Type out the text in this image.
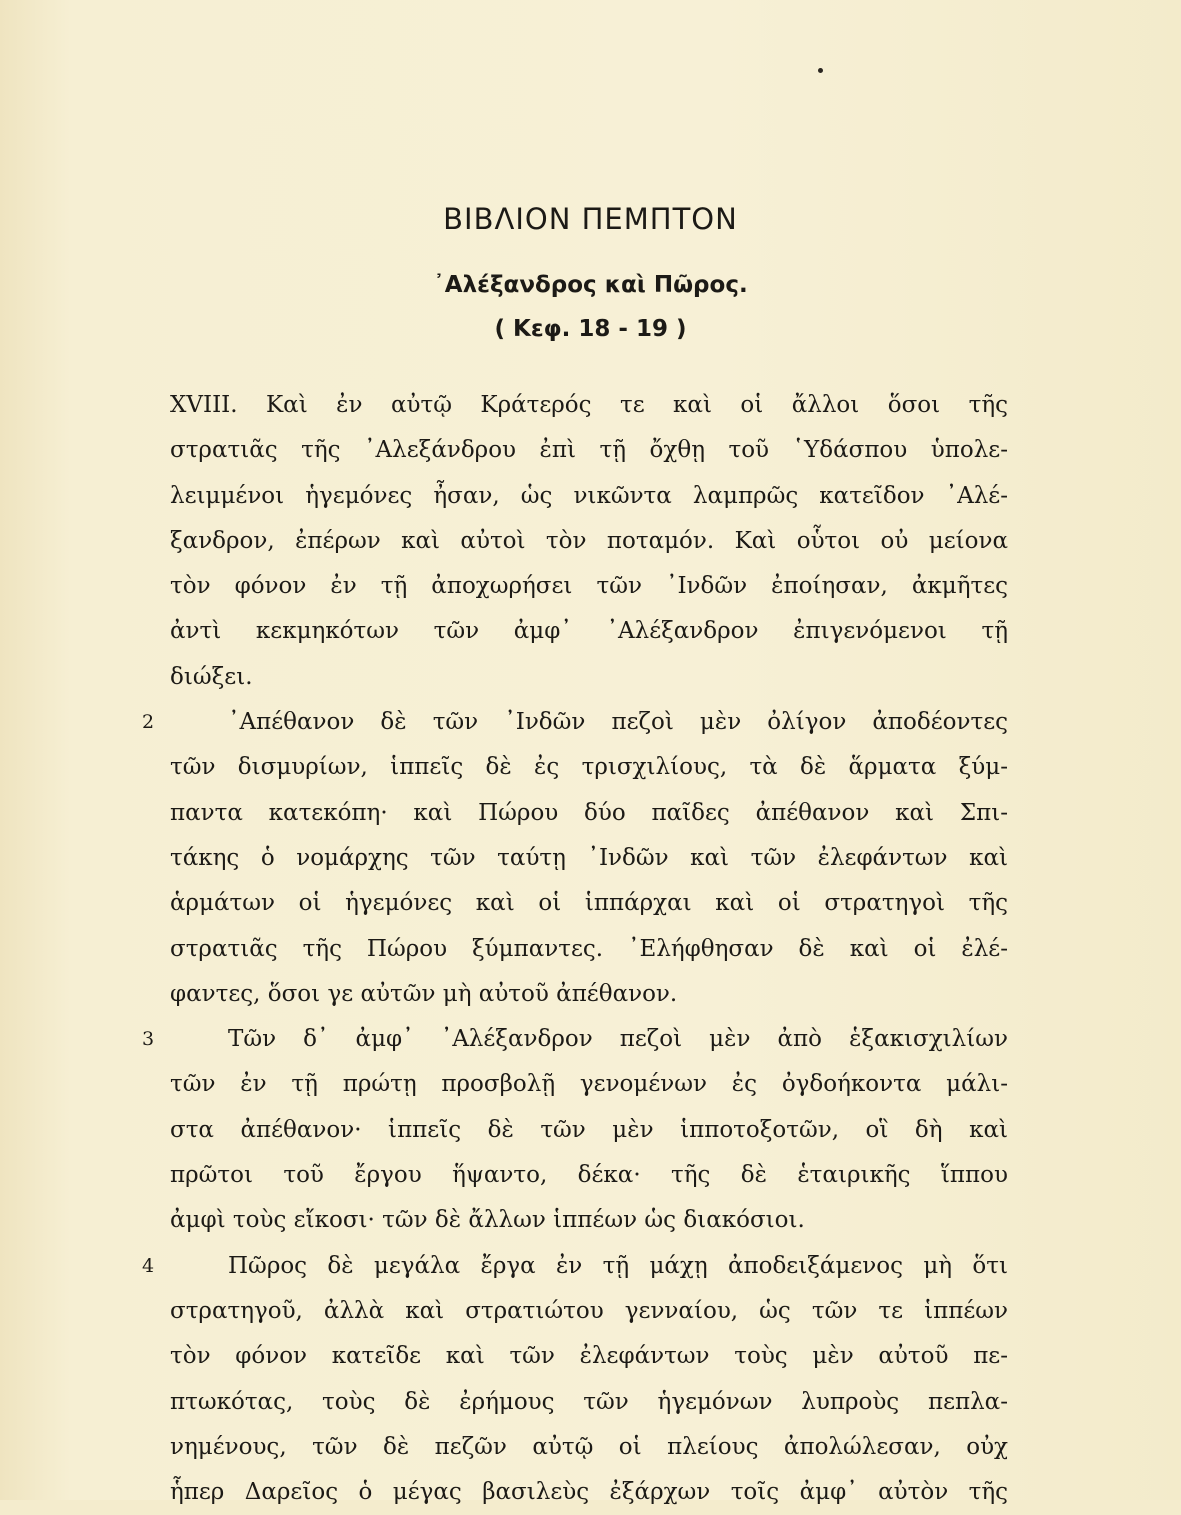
ΒΙΒΛΙΟΝ ΠΕΜΠΤΟΝ
᾿Αλέξανδρος καὶ Πῶρος.
( Κεφ. 18 - 19 )
XVIII. Καὶ ἐν αὐτῷ Κράτερός τε καὶ οἱ ἄλλοι ὅσοι τῆς
στρατιᾶς τῆς ᾿Αλεξάνδρου ἐπὶ τῇ ὄχθῃ τοῦ ῾Υδάσπου ὑπολε-
λειμμένοι ἡγεμόνες ἦσαν, ὡς νικῶντα λαμπρῶς κατεῖδον ᾿Αλέ-
ξανδρον, ἐπέρων καὶ αὐτοὶ τὸν ποταμόν. Καὶ οὗτοι οὐ μείονα
τὸν φόνον ἐν τῇ ἀποχωρήσει τῶν ᾿Ινδῶν ἐποίησαν, ἀκμῆτες
ἀντὶ κεκμηκότων τῶν ἀμφ᾿ ᾿Αλέξανδρον ἐπιγενόμενοι τῇ
διώξει.
2	᾿Απέθανον δὲ τῶν ᾿Ινδῶν πεζοὶ μὲν ὀλίγον ἀποδέοντες
τῶν δισμυρίων, ἱππεῖς δὲ ἐς τρισχιλίους, τὰ δὲ ἅρματα ξύμ-
παντα κατεκόπη· καὶ Πώρου δύο παῖδες ἀπέθανον καὶ Σπι-
τάκης ὁ νομάρχης τῶν ταύτῃ ᾿Ινδῶν καὶ τῶν ἐλεφάντων καὶ
ἁρμάτων οἱ ἡγεμόνες καὶ οἱ ἱππάρχαι καὶ οἱ στρατηγοὶ τῆς
στρατιᾶς τῆς Πώρου ξύμπαντες. ᾿Ελήφθησαν δὲ καὶ οἱ ἐλέ-
φαντες, ὅσοι γε αὐτῶν μὴ αὐτοῦ ἀπέθανον.
3	Τῶν δ᾿ ἀμφ᾿ ᾿Αλέξανδρον πεζοὶ μὲν ἀπὸ ἑξακισχιλίων
τῶν ἐν τῇ πρώτῃ προσβολῇ γενομένων ἐς ὀγδοήκοντα μάλι-
στα ἀπέθανον· ἱππεῖς δὲ τῶν μὲν ἱπποτοξοτῶν, οἳ δὴ καὶ
πρῶτοι τοῦ ἔργου ἥψαντο, δέκα· τῆς δὲ ἑταιρικῆς ἵππου
ἀμφὶ τοὺς εἴκοσι· τῶν δὲ ἄλλων ἱππέων ὡς διακόσιοι.
4	Πῶρος δὲ μεγάλα ἔργα ἐν τῇ μάχῃ ἀποδειξάμενος μὴ ὅτι
στρατηγοῦ, ἀλλὰ καὶ στρατιώτου γενναίου, ὡς τῶν τε ἱππέων
τὸν φόνον κατεῖδε καὶ τῶν ἐλεφάντων τοὺς μὲν αὐτοῦ πε-
πτωκότας, τοὺς δὲ ἐρήμους τῶν ἡγεμόνων λυπροὺς πεπλα-
νημένους, τῶν δὲ πεζῶν αὐτῷ οἱ πλείους ἀπολώλεσαν, οὐχ
ἧπερ Δαρεῖος ὁ μέγας βασιλεὺς ἐξάρχων τοῖς ἀμφ᾿ αὐτὸν τῆς
